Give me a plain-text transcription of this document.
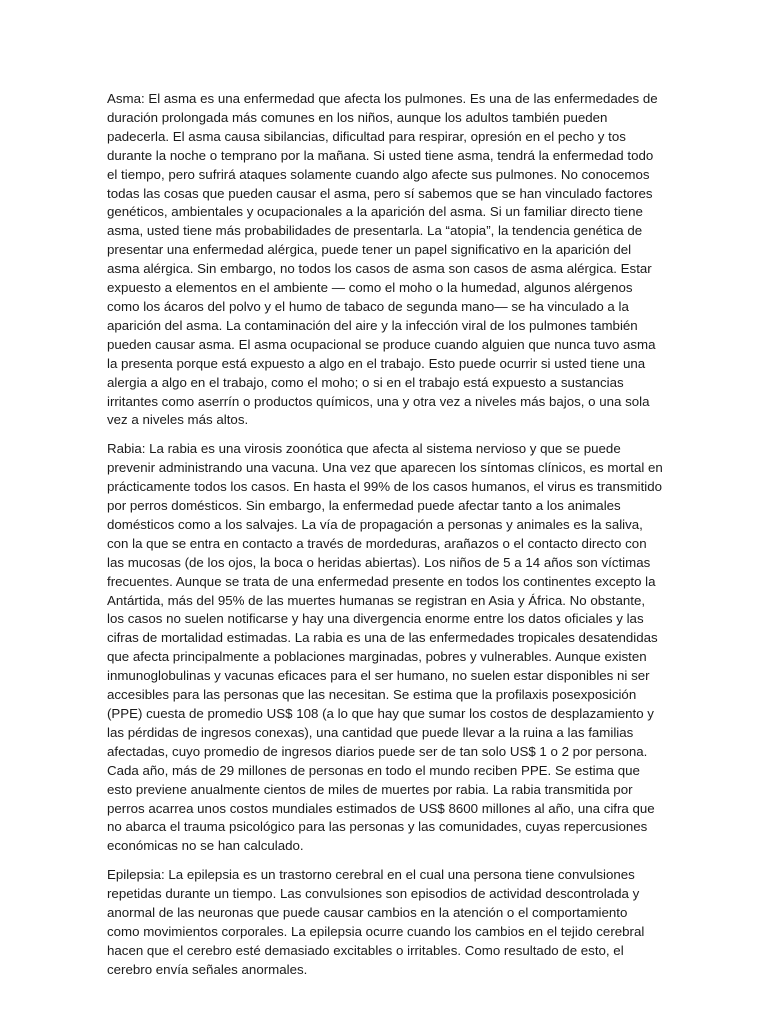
Asma: El asma es una enfermedad que afecta los pulmones. Es una de las enfermedades de duración prolongada más comunes en los niños, aunque los adultos también pueden padecerla. El asma causa sibilancias, dificultad para respirar, opresión en el pecho y tos durante la noche o temprano por la mañana. Si usted tiene asma, tendrá la enfermedad todo el tiempo, pero sufrirá ataques solamente cuando algo afecte sus pulmones. No conocemos todas las cosas que pueden causar el asma, pero sí sabemos que se han vinculado factores genéticos, ambientales y ocupacionales a la aparición del asma. Si un familiar directo tiene asma, usted tiene más probabilidades de presentarla. La “atopia”, la tendencia genética de presentar una enfermedad alérgica, puede tener un papel significativo en la aparición del asma alérgica. Sin embargo, no todos los casos de asma son casos de asma alérgica. Estar expuesto a elementos en el ambiente — como el moho o la humedad, algunos alérgenos como los ácaros del polvo y el humo de tabaco de segunda mano— se ha vinculado a la aparición del asma. La contaminación del aire y la infección viral de los pulmones también pueden causar asma. El asma ocupacional se produce cuando alguien que nunca tuvo asma la presenta porque está expuesto a algo en el trabajo. Esto puede ocurrir si usted tiene una alergia a algo en el trabajo, como el moho; o si en el trabajo está expuesto a sustancias irritantes como aserrín o productos químicos, una y otra vez a niveles más bajos, o una sola vez a niveles más altos.

Rabia: La rabia es una virosis zoonótica que afecta al sistema nervioso y que se puede prevenir administrando una vacuna. Una vez que aparecen los síntomas clínicos, es mortal en prácticamente todos los casos. En hasta el 99% de los casos humanos, el virus es transmitido por perros domésticos. Sin embargo, la enfermedad puede afectar tanto a los animales domésticos como a los salvajes. La vía de propagación a personas y animales es la saliva, con la que se entra en contacto a través de mordeduras, arañazos o el contacto directo con las mucosas (de los ojos, la boca o heridas abiertas). Los niños de 5 a 14 años son víctimas frecuentes. Aunque se trata de una enfermedad presente en todos los continentes excepto la Antártida, más del 95% de las muertes humanas se registran en Asia y África. No obstante, los casos no suelen notificarse y hay una divergencia enorme entre los datos oficiales y las cifras de mortalidad estimadas. La rabia es una de las enfermedades tropicales desatendidas que afecta principalmente a poblaciones marginadas, pobres y vulnerables. Aunque existen inmunoglobulinas y vacunas eficaces para el ser humano, no suelen estar disponibles ni ser accesibles para las personas que las necesitan. Se estima que la profilaxis posexposición (PPE) cuesta de promedio US$ 108 (a lo que hay que sumar los costos de desplazamiento y las pérdidas de ingresos conexas), una cantidad que puede llevar a la ruina a las familias afectadas, cuyo promedio de ingresos diarios puede ser de tan solo US$ 1 o 2 por persona. Cada año, más de 29 millones de personas en todo el mundo reciben PPE. Se estima que esto previene anualmente cientos de miles de muertes por rabia. La rabia transmitida por perros acarrea unos costos mundiales estimados de US$ 8600 millones al año, una cifra que no abarca el trauma psicológico para las personas y las comunidades, cuyas repercusiones económicas no se han calculado.

Epilepsia: La epilepsia es un trastorno cerebral en el cual una persona tiene convulsiones repetidas durante un tiempo. Las convulsiones son episodios de actividad descontrolada y anormal de las neuronas que puede causar cambios en la atención o el comportamiento como movimientos corporales. La epilepsia ocurre cuando los cambios en el tejido cerebral hacen que el cerebro esté demasiado excitables o irritables. Como resultado de esto, el cerebro envía señales anormales.
